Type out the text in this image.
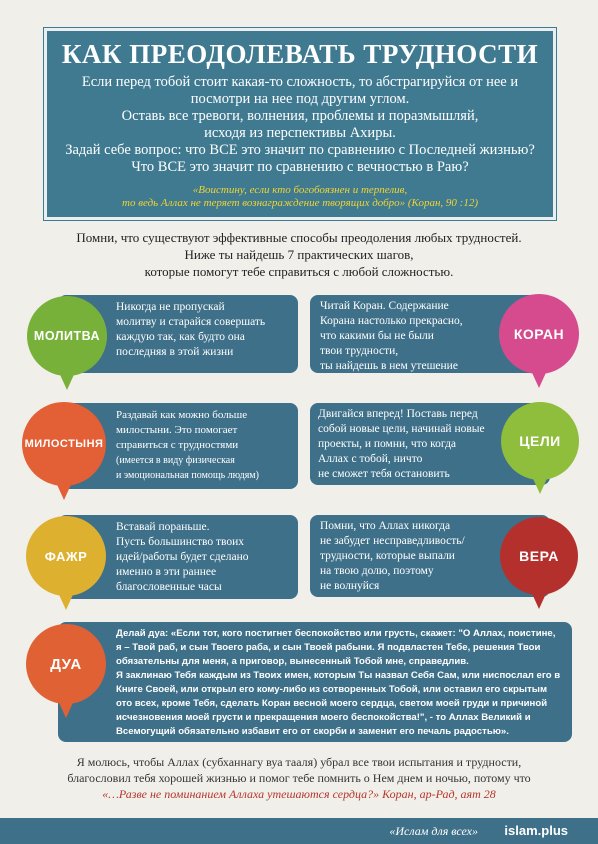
КАК ПРЕОДОЛЕВАТЬ ТРУДНОСТИ
Если перед тобой стоит какая-то сложность, то абстрагируйся от нее и
посмотри на нее под другим углом.
Оставь все тревоги, волнения, проблемы и поразмышляй,
исходя из перспективы Ахиры.
Задай себе вопрос: что ВСЕ это значит по сравнению с Последней жизнью?
Что ВСЕ это значит по сравнению с вечностью в Раю?
«Воистину, если кто богобоязнен и терпелив,
то ведь Аллах не теряет вознаграждение творящих добро» (Коран, 90 :12)
Помни, что существуют эффективные способы преодоления любых трудностей.
Ниже ты найдешь 7 практических шагов,
которые помогут тебе справиться с любой сложностью.
Никогда не пропускай
молитву и старайся совершать
каждую так, как будто она
последняя в этой жизни
МОЛИТВА
Читай Коран. Содержание
Корана настолько прекрасно,
что какими бы не были
твои трудности,
ты найдешь в нем утешение
КОРАН
Раздавай как можно больше
милостыни. Это помогает
справиться с трудностями
(имеется в виду физическая
и эмоциональная помощь людям)
МИЛОСТЫНЯ
Двигайся вперед! Поставь перед
собой новые цели, начинай новые
проекты, и помни, что когда
Аллах с тобой, ничто
не сможет тебя остановить
ЦЕЛИ
Вставай пораньше.
Пусть большинство твоих
идей/работы будет сделано
именно в эти раннее
благословенные часы
ФАЖР
Помни, что Аллах никогда
не забудет несправедливость/
трудности, которые выпали
на твою долю, поэтому
не волнуйся
ВЕРА
Делай дуа: «Если тот, кого постигнет беспокойство или грусть, скажет: "О Аллах, поистине,
я – Твой раб, и сын Твоего раба, и сын Твоей рабыни. Я подвластен Тебе, решения Твои
обязательны для меня, а приговор, вынесенный Тобой мне, справедлив.
Я заклинаю Тебя каждым из Твоих имен, которым Ты назвал Себя Сам, или ниспослал его в
Книге Своей, или открыл его кому-либо из сотворенных Тобой, или оставил его скрытым
ото всех, кроме Тебя, сделать Коран весной моего сердца, светом моей груди и причиной
исчезновения моей грусти и прекращения моего беспокойства!", - то Аллах Великий и
Всемогущий обязательно избавит его от скорби и заменит его печаль радостью».
ДУА
Я молюсь, чтобы Аллах (субханнагу вуа тааля) убрал все твои испытания и трудности,
благословил тебя хорошей жизнью и помог тебе помнить о Нем днем и ночью, потому что
«…Разве не поминанием Аллаха утешаются сердца?» Коран, ар-Рад, аят 28
«Ислам для всех» islam.plus
